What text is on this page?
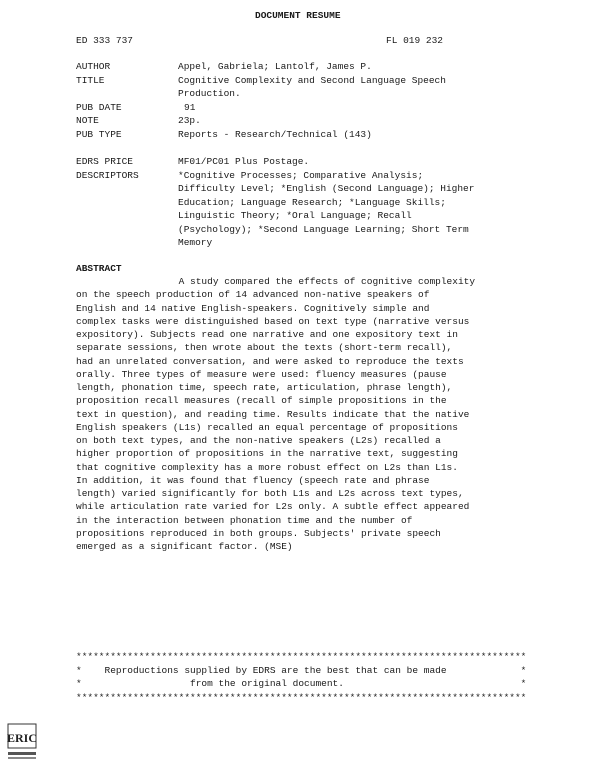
DOCUMENT RESUME
ED 333 737	FL 019 232
AUTHOR	Appel, Gabriela; Lantolf, James P.
TITLE	Cognitive Complexity and Second Language Speech
Production.
PUB DATE	91
NOTE	23p.
PUB TYPE	Reports - Research/Technical (143)
EDRS PRICE	MF01/PC01 Plus Postage.
DESCRIPTORS	*Cognitive Processes; Comparative Analysis;
Difficulty Level; *English (Second Language); Higher
Education; Language Research; *Language Skills;
Linguistic Theory; *Oral Language; Recall
(Psychology); *Second Language Learning; Short Term
Memory
ABSTRACT
A study compared the effects of cognitive complexity
on the speech production of 14 advanced non-native speakers of
English and 14 native English-speakers. Cognitively simple and
complex tasks were distinguished based on text type (narrative versus
expository). Subjects read one narrative and one expository text in
separate sessions, then wrote about the texts (short-term recall),
had an unrelated conversation, and were asked to reproduce the texts
orally. Three types of measure were used: fluency measures (pause
length, phonation time, speech rate, articulation, phrase length),
proposition recall measures (recall of simple propositions in the
text in question), and reading time. Results indicate that the native
English speakers (L1s) recalled an equal percentage of propositions
on both text types, and the non-native speakers (L2s) recalled a
higher proportion of propositions in the narrative text, suggesting
that cognitive complexity has a more robust effect on L2s than L1s.
In addition, it was found that fluency (speech rate and phrase
length) varied significantly for both L1s and L2s across text types,
while articulation rate varied for L2s only. A subtle effect appeared
in the interaction between phonation time and the number of
propositions reproduced in both groups. Subjects' private speech
emerged as a significant factor. (MSE)
*******************************************************************************
*    Reproductions supplied by EDRS are the best that can be made             *
*                   from the original document.                               *
*******************************************************************************
ERIC
